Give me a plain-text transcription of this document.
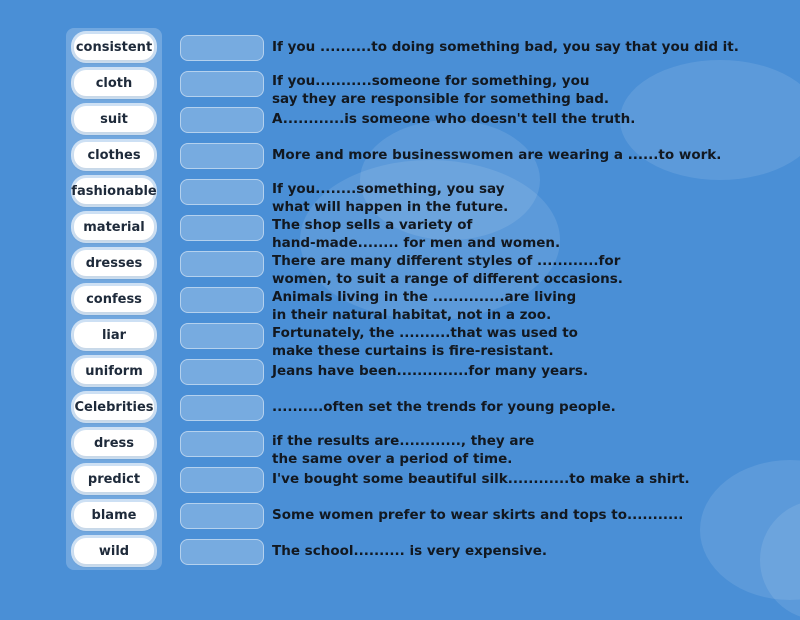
consistent
cloth
suit
clothes
fashionable
material
dresses
confess
liar
uniform
Celebrities
dress
predict
blame
wild
If you ..........to doing something bad, you say that you did it.
If you...........someone for something, you
say they are responsible for something bad.
A............is someone who doesn't tell the truth.
More and more businesswomen are wearing a ......to work.
If you........something, you say
what will happen in the future.
The shop sells a variety of
hand-made........ for men and women.
There are many different styles of ............for
women, to suit a range of different occasions.
Animals living in the ..............are living
in their natural habitat, not in a zoo.
Fortunately, the ..........that was used to
make these curtains is fire-resistant.
Jeans have been..............for many years.
..........often set the trends for young people.
if the results are............, they are
the same over a period of time.
I've bought some beautiful silk............to make a shirt.
Some women prefer to wear skirts and tops to...........
The school.......... is very expensive.
